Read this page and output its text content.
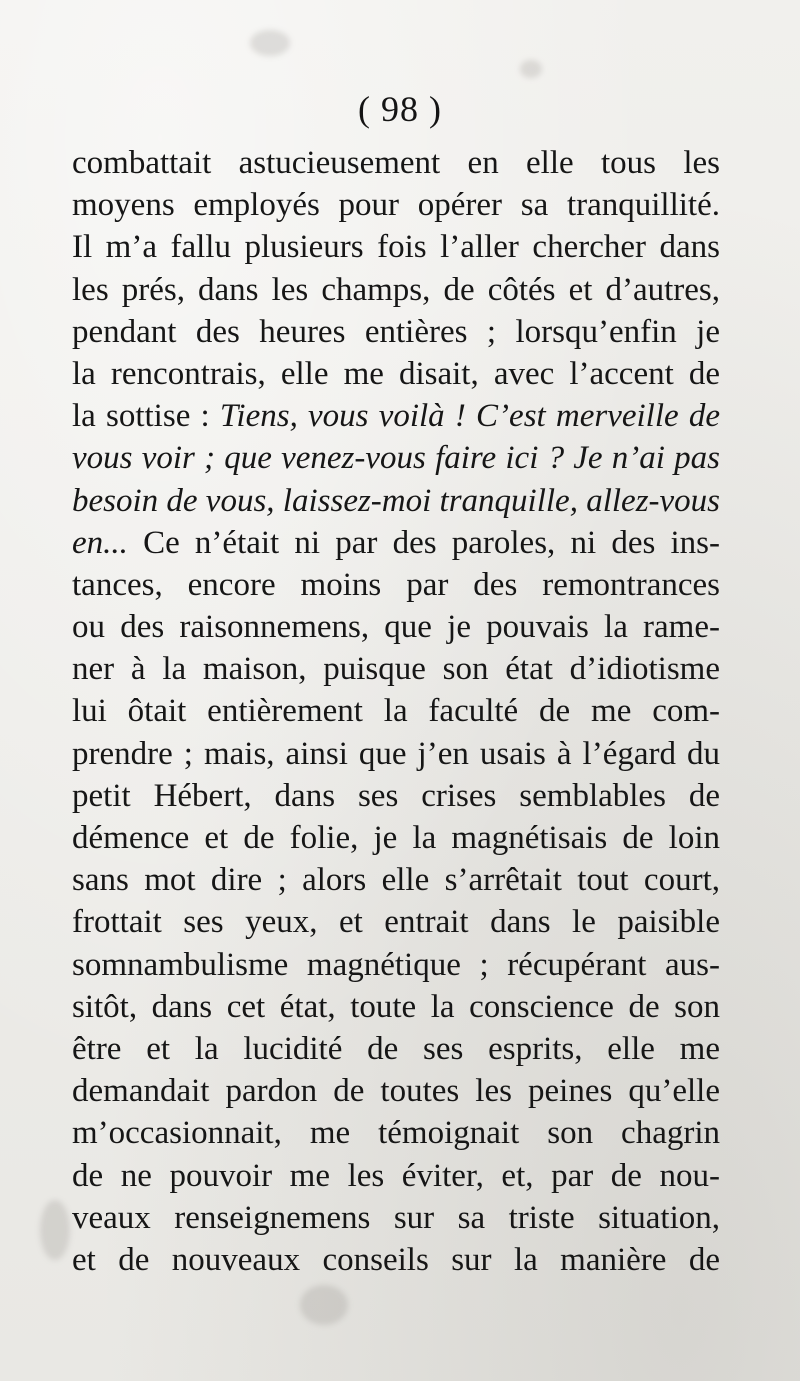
( 98 )

combattait astucieusement en elle tous les
moyens employés pour opérer sa tranquillité.
Il m’a fallu plusieurs fois l’aller chercher dans
les prés, dans les champs, de côtés et d’autres,
pendant des heures entières ; lorsqu’enfin je
la rencontrais, elle me disait, avec l’accent de
la sottise : Tiens, vous voilà ! C’est merveille de
vous voir ; que venez-vous faire ici ? Je n’ai pas
besoin de vous, laissez-moi tranquille, allez-vous
en... Ce n’était ni par des paroles, ni des ins-
tances, encore moins par des remontrances
ou des raisonnemens, que je pouvais la rame-
ner à la maison, puisque son état d’idiotisme
lui ôtait entièrement la faculté de me com-
prendre ; mais, ainsi que j’en usais à l’égard du
petit Hébert, dans ses crises semblables de
démence et de folie, je la magnétisais de loin
sans mot dire ; alors elle s’arrêtait tout court,
frottait ses yeux, et entrait dans le paisible
somnambulisme magnétique ; récupérant aus-
sitôt, dans cet état, toute la conscience de son
être et la lucidité de ses esprits, elle me
demandait pardon de toutes les peines qu’elle
m’occasionnait, me témoignait son chagrin
de ne pouvoir me les éviter, et, par de nou-
veaux renseignemens sur sa triste situation,
et de nouveaux conseils sur la manière de
